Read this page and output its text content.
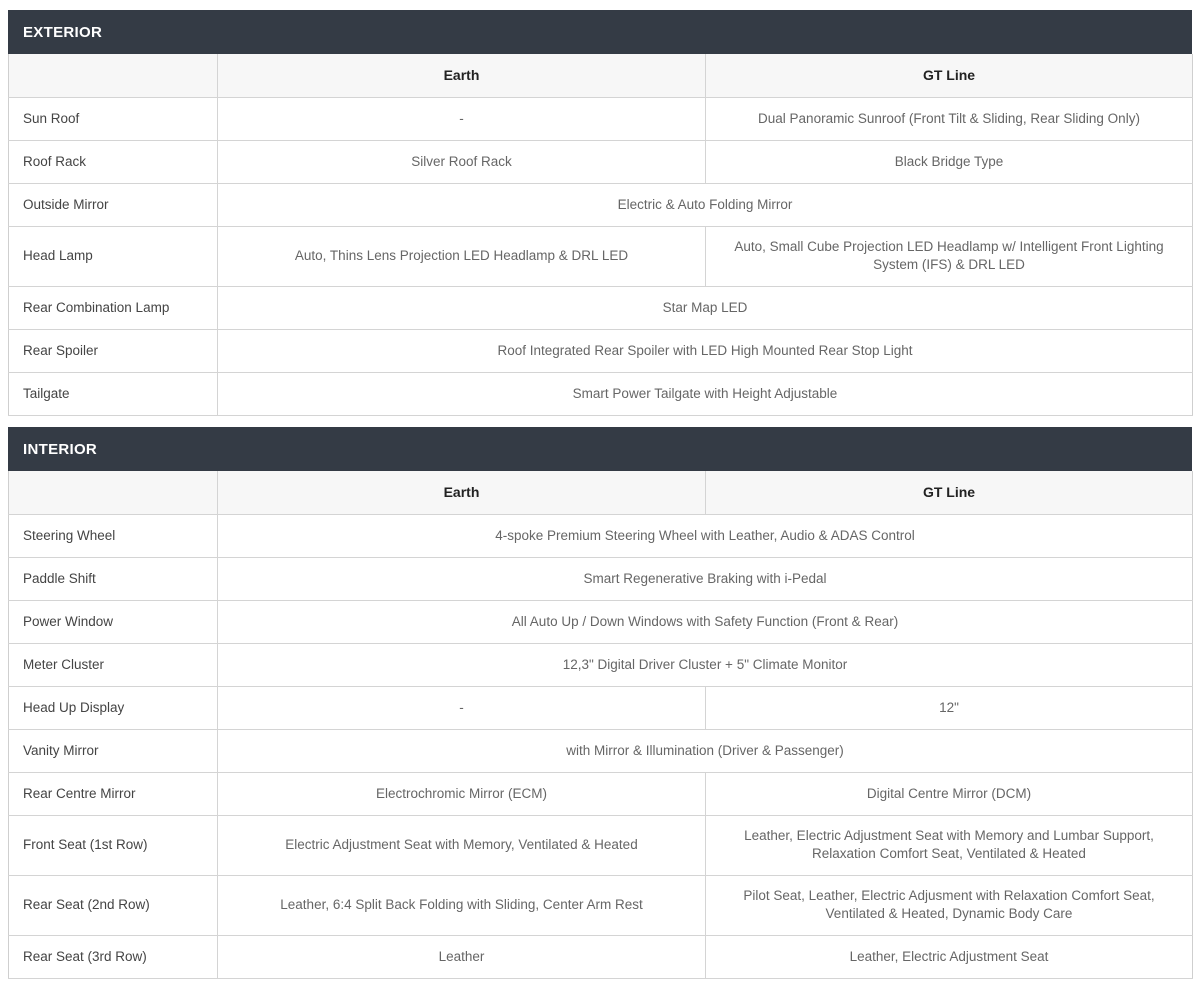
EXTERIOR
	Earth	GT Line
Sun Roof	-	Dual Panoramic Sunroof (Front Tilt & Sliding, Rear Sliding Only)
Roof Rack	Silver Roof Rack	Black Bridge Type
Outside Mirror	Electric & Auto Folding Mirror	
Head Lamp	Auto, Thins Lens Projection LED Headlamp & DRL LED	Auto, Small Cube Projection LED Headlamp w/ Intelligent Front Lighting System (IFS) & DRL LED
Rear Combination Lamp	Star Map LED	
Rear Spoiler	Roof Integrated Rear Spoiler with LED High Mounted Rear Stop Light	
Tailgate	Smart Power Tailgate with Height Adjustable	
INTERIOR
	Earth	GT Line
Steering Wheel	4-spoke Premium Steering Wheel with Leather, Audio & ADAS Control	
Paddle Shift	Smart Regenerative Braking with i-Pedal	
Power Window	All Auto Up / Down Windows with Safety Function (Front & Rear)	
Meter Cluster	12,3" Digital Driver Cluster + 5" Climate Monitor	
Head Up Display	-	12"
Vanity Mirror	with Mirror & Illumination (Driver & Passenger)	
Rear Centre Mirror	Electrochromic Mirror (ECM)	Digital Centre Mirror (DCM)
Front Seat (1st Row)	Electric Adjustment Seat with Memory, Ventilated & Heated	Leather, Electric Adjustment Seat with Memory and Lumbar Support, Relaxation Comfort Seat, Ventilated & Heated
Rear Seat (2nd Row)	Leather, 6:4 Split Back Folding with Sliding, Center Arm Rest	Pilot Seat, Leather, Electric Adjusment with Relaxation Comfort Seat, Ventilated & Heated, Dynamic Body Care
Rear Seat (3rd Row)	Leather	Leather, Electric Adjustment Seat
